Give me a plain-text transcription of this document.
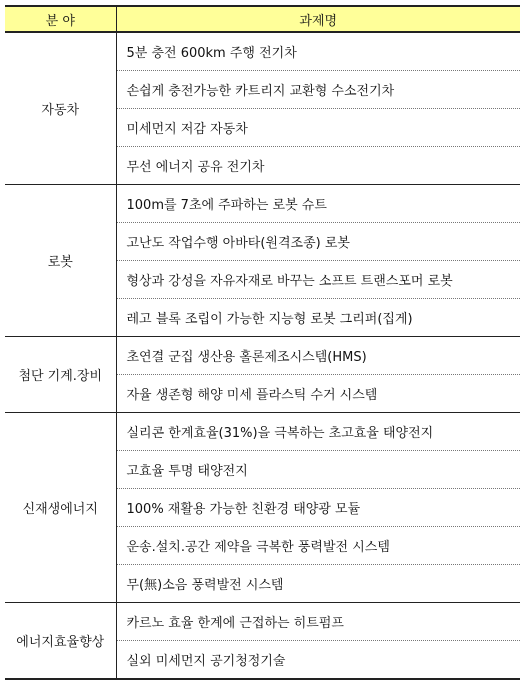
분 야	과제명
자동차	5분 충전 600km 주행 전기차
	손쉽게 충전가능한 카트리지 교환형 수소전기차
	미세먼지 저감 자동차
	무선 에너지 공유 전기차
로봇	100m를 7초에 주파하는 로봇 슈트
	고난도 작업수행 아바타(원격조종) 로봇
	형상과 강성을 자유자재로 바꾸는 소프트 트랜스포머 로봇
	레고 블록 조립이 가능한 지능형 로봇 그리퍼(집게)
첨단 기계.장비	초연결 군집 생산용 홀론제조시스템(HMS)
	자율 생존형 해양 미세 플라스틱 수거 시스템
신재생에너지	실리콘 한계효율(31%)을 극복하는 초고효율 태양전지
	고효율 투명 태양전지
	100% 재활용 가능한 친환경 태양광 모듈
	운송.설치.공간 제약을 극복한 풍력발전 시스템
	무(無)소음 풍력발전 시스템
에너지효율향상	카르노 효율 한계에 근접하는 히트펌프
	실외 미세먼지 공기청정기술
